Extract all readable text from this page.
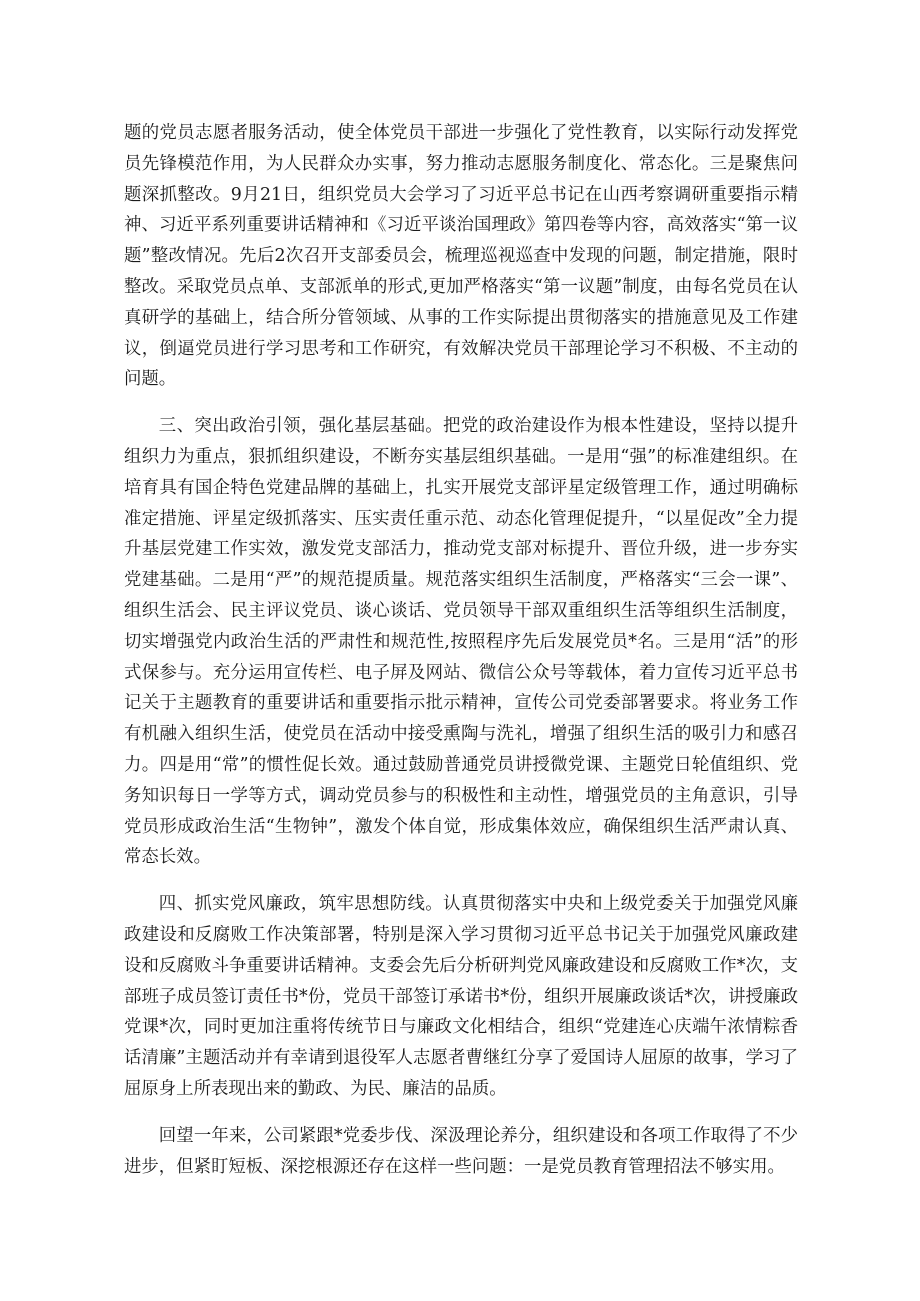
题的党员志愿者服务活动，使全体党员干部进一步强化了党性教育，以实际行动发挥党员先锋模范作用，为人民群众办实事，努力推动志愿服务制度化、常态化。三是聚焦问题深抓整改。9月21日，组织党员大会学习了习近平总书记在山西考察调研重要指示精神、习近平系列重要讲话精神和《习近平谈治国理政》第四卷等内容，高效落实“第一议题”整改情况。先后2次召开支部委员会，梳理巡视巡查中发现的问题，制定措施，限时整改。采取党员点单、支部派单的形式,更加严格落实“第一议题”制度，由每名党员在认真研学的基础上，结合所分管领域、从事的工作实际提出贯彻落实的措施意见及工作建议，倒逼党员进行学习思考和工作研究，有效解决党员干部理论学习不积极、不主动的问题。

三、突出政治引领，强化基层基础。把党的政治建设作为根本性建设，坚持以提升组织力为重点，狠抓组织建设，不断夯实基层组织基础。一是用“强”的标准建组织。在培育具有国企特色党建品牌的基础上，扎实开展党支部评星定级管理工作，通过明确标准定措施、评星定级抓落实、压实责任重示范、动态化管理促提升，“以星促改”全力提升基层党建工作实效，激发党支部活力，推动党支部对标提升、晋位升级，进一步夯实党建基础。二是用“严”的规范提质量。规范落实组织生活制度，严格落实“三会一课”、组织生活会、民主评议党员、谈心谈话、党员领导干部双重组织生活等组织生活制度，切实增强党内政治生活的严肃性和规范性,按照程序先后发展党员*名。三是用“活”的形式保参与。充分运用宣传栏、电子屏及网站、微信公众号等载体，着力宣传习近平总书记关于主题教育的重要讲话和重要指示批示精神，宣传公司党委部署要求。将业务工作有机融入组织生活，使党员在活动中接受熏陶与洗礼，增强了组织生活的吸引力和感召力。四是用“常”的惯性促长效。通过鼓励普通党员讲授微党课、主题党日轮值组织、党务知识每日一学等方式，调动党员参与的积极性和主动性，增强党员的主角意识，引导党员形成政治生活“生物钟”，激发个体自觉，形成集体效应，确保组织生活严肃认真、常态长效。

四、抓实党风廉政，筑牢思想防线。认真贯彻落实中央和上级党委关于加强党风廉政建设和反腐败工作决策部署，特别是深入学习贯彻习近平总书记关于加强党风廉政建设和反腐败斗争重要讲话精神。支委会先后分析研判党风廉政建设和反腐败工作*次，支部班子成员签订责任书*份，党员干部签订承诺书*份，组织开展廉政谈话*次，讲授廉政党课*次，同时更加注重将传统节日与廉政文化相结合，组织“党建连心庆端午浓情粽香话清廉”主题活动并有幸请到退役军人志愿者曹继红分享了爱国诗人屈原的故事，学习了屈原身上所表现出来的勤政、为民、廉洁的品质。

回望一年来，公司紧跟*党委步伐、深汲理论养分，组织建设和各项工作取得了不少进步，但紧盯短板、深挖根源还存在这样一些问题：一是党员教育管理招法不够实用。
